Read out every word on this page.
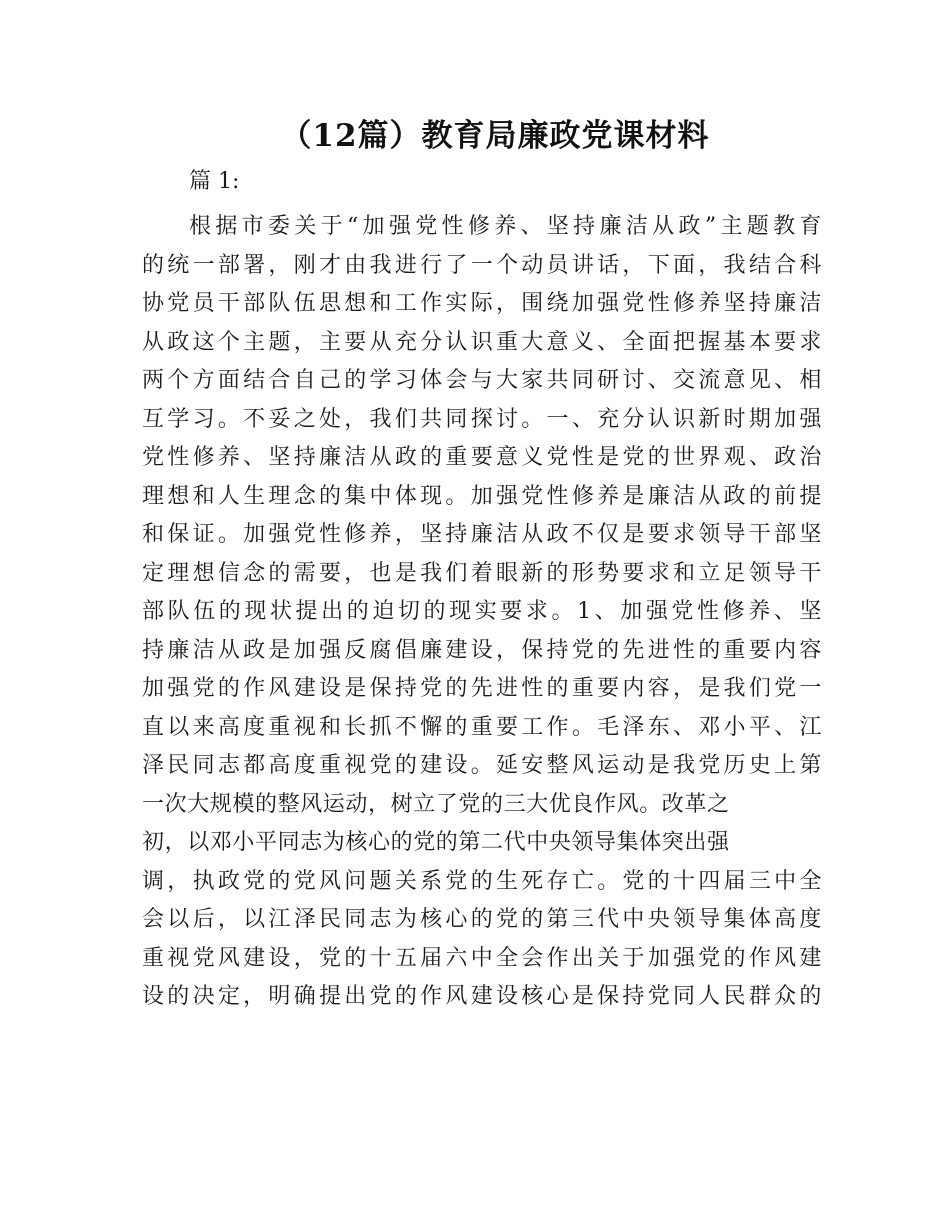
（12篇）教育局廉政党课材料
篇 1:
根据市委关于“加强党性修养、坚持廉洁从政”主题教育
的统一部署，刚才由我进行了一个动员讲话，下面，我结合科
协党员干部队伍思想和工作实际，围绕加强党性修养坚持廉洁
从政这个主题，主要从充分认识重大意义、全面把握基本要求
两个方面结合自己的学习体会与大家共同研讨、交流意见、相
互学习。不妥之处，我们共同探讨。一、充分认识新时期加强
党性修养、坚持廉洁从政的重要意义党性是党的世界观、政治
理想和人生理念的集中体现。加强党性修养是廉洁从政的前提
和保证。加强党性修养，坚持廉洁从政不仅是要求领导干部坚
定理想信念的需要，也是我们着眼新的形势要求和立足领导干
部队伍的现状提出的迫切的现实要求。1、加强党性修养、坚
持廉洁从政是加强反腐倡廉建设，保持党的先进性的重要内容
加强党的作风建设是保持党的先进性的重要内容，是我们党一
直以来高度重视和长抓不懈的重要工作。毛泽东、邓小平、江
泽民同志都高度重视党的建设。延安整风运动是我党历史上第
一次大规模的整风运动，树立了党的三大优良作风。改革之
初，以邓小平同志为核心的党的第二代中央领导集体突出强
调，执政党的党风问题关系党的生死存亡。党的十四届三中全
会以后，以江泽民同志为核心的党的第三代中央领导集体高度
重视党风建设，党的十五届六中全会作出关于加强党的作风建
设的决定，明确提出党的作风建设核心是保持党同人民群众的
